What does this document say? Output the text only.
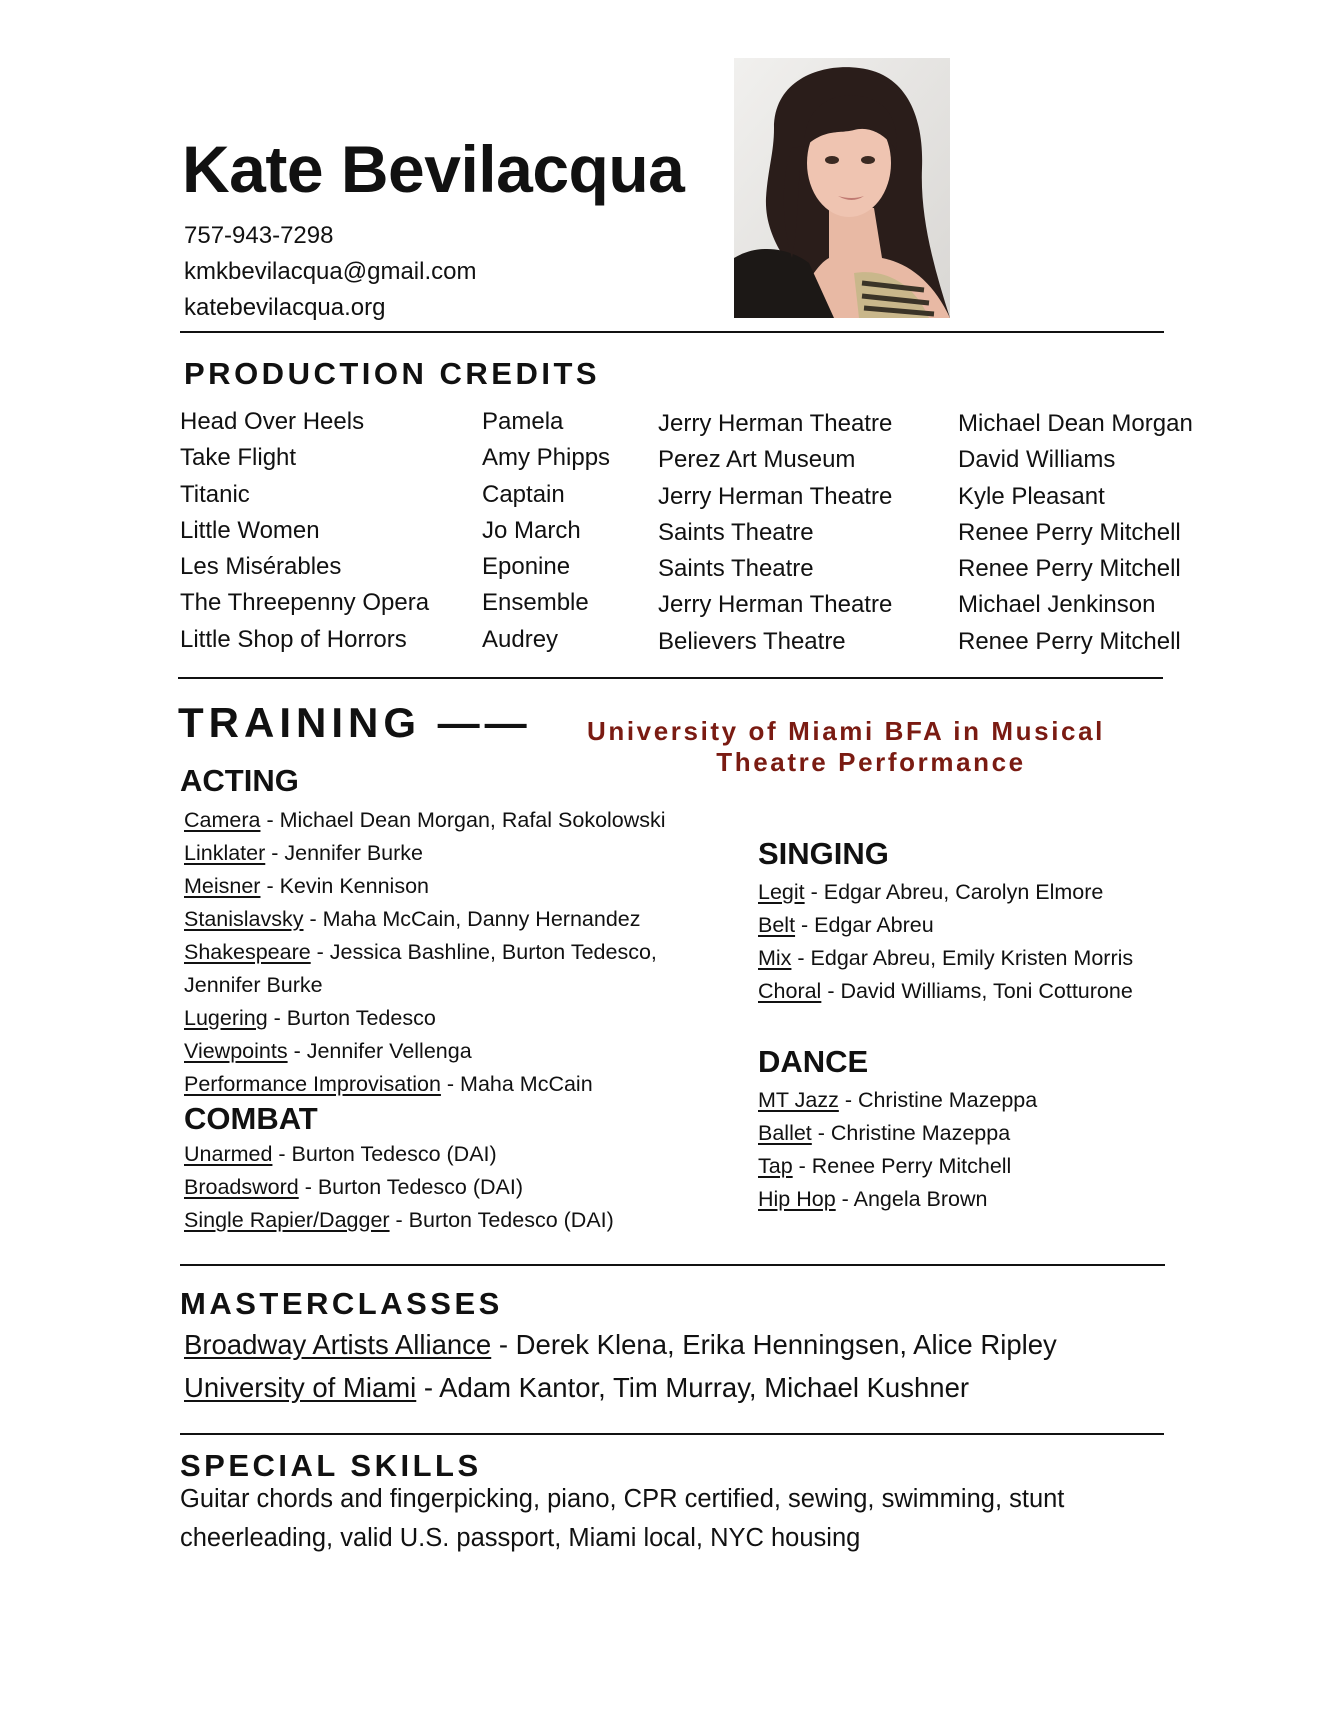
Kate Bevilacqua
757-943-7298
kmkbevilacqua@gmail.com
katebevilacqua.org
PRODUCTION CREDITS
Head Over Heels
Take Flight
Titanic
Little Women
Les Misérables
The Threepenny Opera
Little Shop of Horrors
Pamela
Amy Phipps
Captain
Jo March
Eponine
Ensemble
Audrey
Jerry Herman Theatre
Perez Art Museum
Jerry Herman Theatre
Saints Theatre
Saints Theatre
Jerry Herman Theatre
Believers Theatre
Michael Dean Morgan
David Williams
Kyle Pleasant
Renee Perry Mitchell
Renee Perry Mitchell
Michael Jenkinson
Renee Perry Mitchell
TRAINING ——	University of Miami BFA in Musical
Theatre Performance
ACTING
Camera - Michael Dean Morgan, Rafal Sokolowski
Linklater - Jennifer Burke
Meisner - Kevin Kennison
Stanislavsky - Maha McCain, Danny Hernandez
Shakespeare - Jessica Bashline, Burton Tedesco,
Jennifer Burke
Lugering - Burton Tedesco
Viewpoints - Jennifer Vellenga
Performance Improvisation - Maha McCain
COMBAT
Unarmed - Burton Tedesco (DAI)
Broadsword - Burton Tedesco (DAI)
Single Rapier/Dagger - Burton Tedesco (DAI)
SINGING
Legit - Edgar Abreu, Carolyn Elmore
Belt - Edgar Abreu
Mix - Edgar Abreu, Emily Kristen Morris
Choral - David Williams, Toni Cotturone
DANCE
MT Jazz - Christine Mazeppa
Ballet - Christine Mazeppa
Tap - Renee Perry Mitchell
Hip Hop - Angela Brown
MASTERCLASSES
Broadway Artists Alliance - Derek Klena, Erika Henningsen, Alice Ripley
University of Miami - Adam Kantor, Tim Murray, Michael Kushner
SPECIAL SKILLS
Guitar chords and fingerpicking, piano, CPR certified, sewing, swimming, stunt cheerleading, valid U.S. passport, Miami local, NYC housing
